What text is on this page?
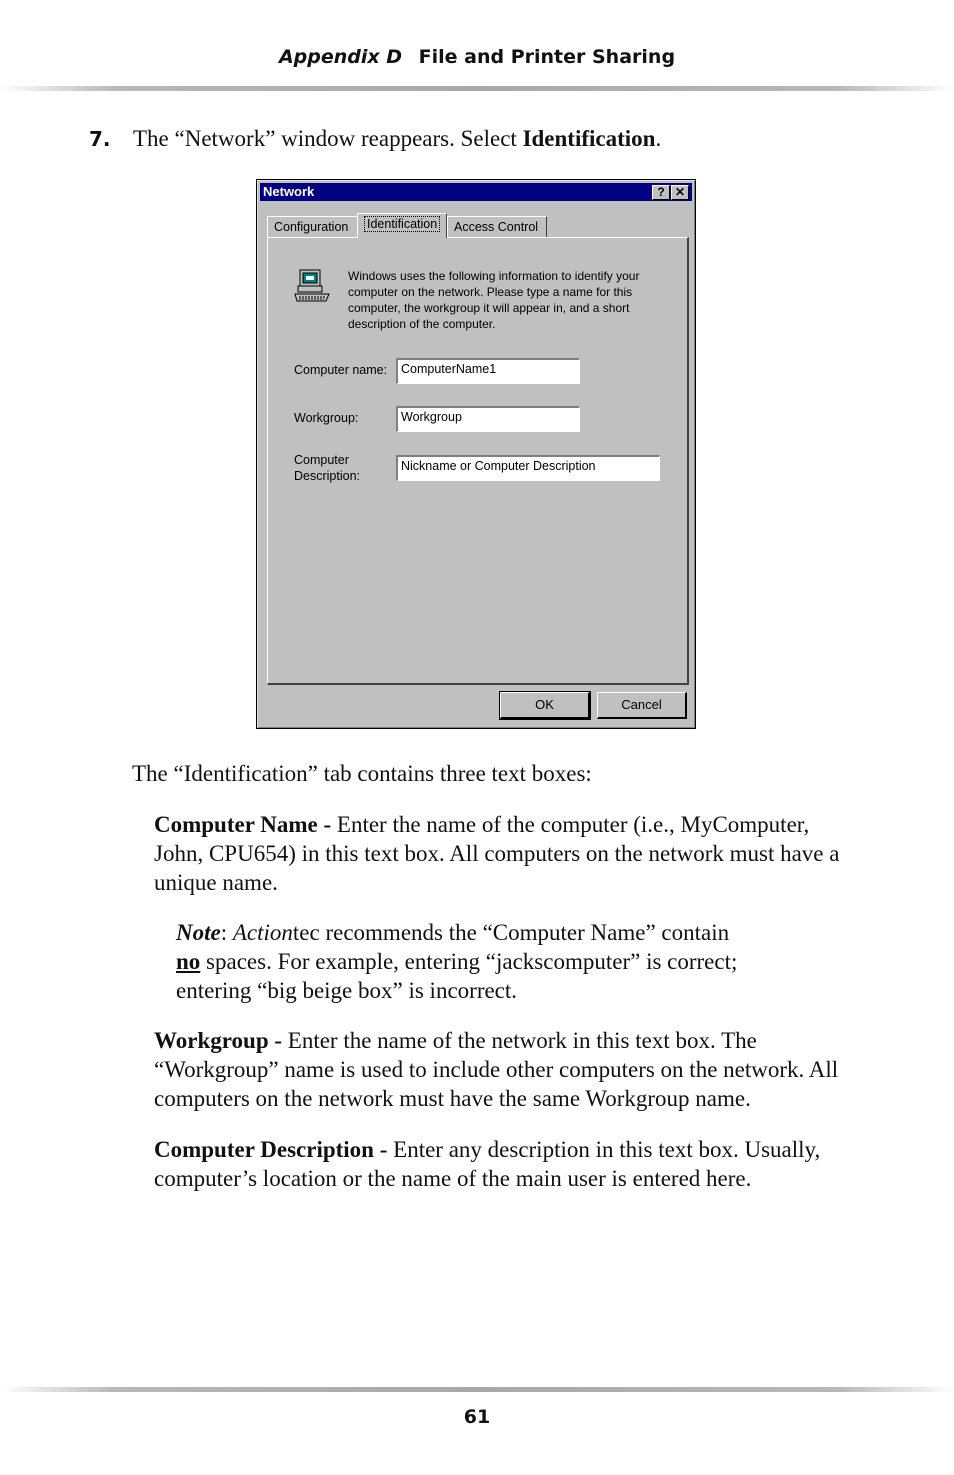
Appendix D File and Printer Sharing
7. The “Network” window reappears. Select Identification.
Network	? ✕
Configuration	Identification	Access Control
Windows uses the following information to identify your computer on the network. Please type a name for this computer, the workgroup it will appear in, and a short description of the computer.
Computer name:	ComputerName1
Workgroup:	Workgroup
Computer
Description:
Nickname or Computer Description
OK	Cancel
The “Identification” tab contains three text boxes:
Computer Name - Enter the name of the computer (i.e., MyComputer, John, CPU654) in this text box. All computers on the network must have a unique name.
Note: Actiontec recommends the “Computer Name” contain no spaces. For example, entering “jackscomputer” is correct; entering “big beige box” is incorrect.
Workgroup - Enter the name of the network in this text box. The “Workgroup” name is used to include other computers on the network. All computers on the network must have the same Workgroup name.
Computer Description - Enter any description in this text box. Usually, computer’s location or the name of the main user is entered here.
61
